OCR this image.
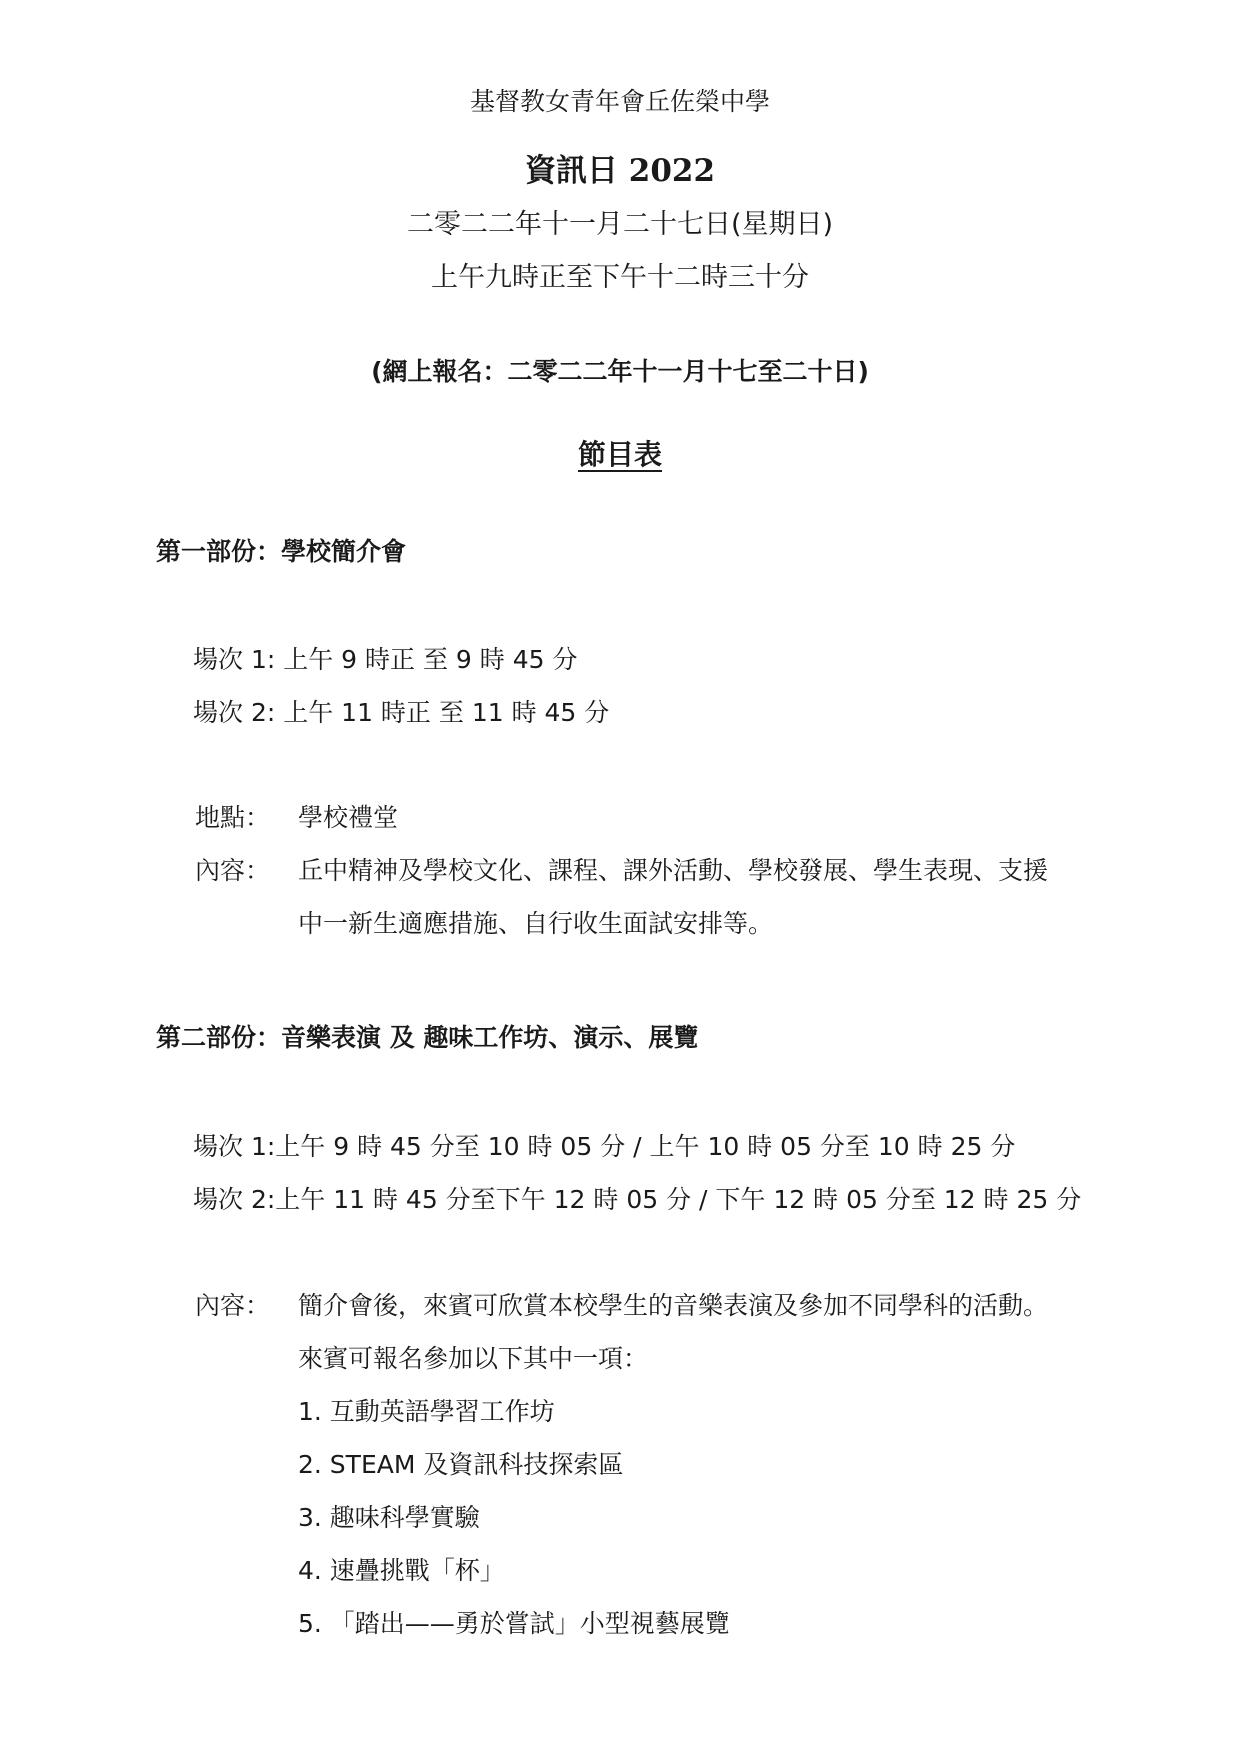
基督教女青年會丘佐榮中學
資訊日 2022
二零二二年十一月二十七日(星期日)
上午九時正至下午十二時三十分
(網上報名：二零二二年十一月十七至二十日)
節目表
第一部份：學校簡介會
場次 1: 上午 9 時正 至 9 時 45 分
場次 2: 上午 11 時正 至 11 時 45 分
地點： 學校禮堂
內容： 丘中精神及學校文化、課程、課外活動、學校發展、學生表現、支援
中一新生適應措施、自行收生面試安排等。
第二部份：音樂表演 及 趣味工作坊、演示、展覽
場次 1:上午 9 時 45 分至 10 時 05 分 / 上午 10 時 05 分至 10 時 25 分
場次 2:上午 11 時 45 分至下午 12 時 05 分 / 下午 12 時 05 分至 12 時 25 分
內容： 簡介會後，來賓可欣賞本校學生的音樂表演及參加不同學科的活動。
來賓可報名參加以下其中一項：
1. 互動英語學習工作坊
2. STEAM 及資訊科技探索區
3. 趣味科學實驗
4. 速疊挑戰「杯」
5. 「踏出——勇於嘗試」小型視藝展覽
